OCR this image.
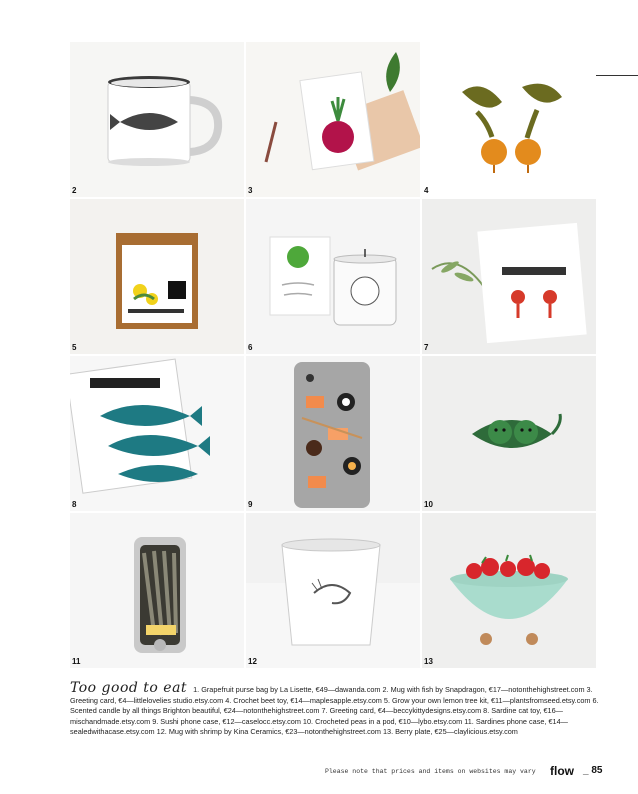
2	3	4
5	6	7
8	9	10
11	12	13
Too good to eat 1. Grapefruit purse bag by La Lisette, €49—dawanda.com 2. Mug with fish by Snapdragon, €17—notonthehighstreet.com 3. Greeting card, €4—littlelovelies studio.etsy.com 4. Crochet beet toy, €14—maplesapple.etsy.com 5. Grow your own lemon tree kit, €11—plantsfromseed.etsy.com 6. Scented candle by all things Brighton beautiful, €24—notonthehighstreet.com 7. Greeting card, €4—beccykittydesigns.etsy.com 8. Sardine cat toy, €16—mischandmade.etsy.com 9. Sushi phone case, €12—caselocc.etsy.com 10. Crocheted peas in a pod, €10—lybo.etsy.com 11. Sardines phone case, €14—sealedwithacase.etsy.com 12. Mug with shrimp by Kina Ceramics, €23—notonthehighstreet.com 13. Berry plate, €25—claylicious.etsy.com
Please note that prices and items on websites may vary flow _ 85
